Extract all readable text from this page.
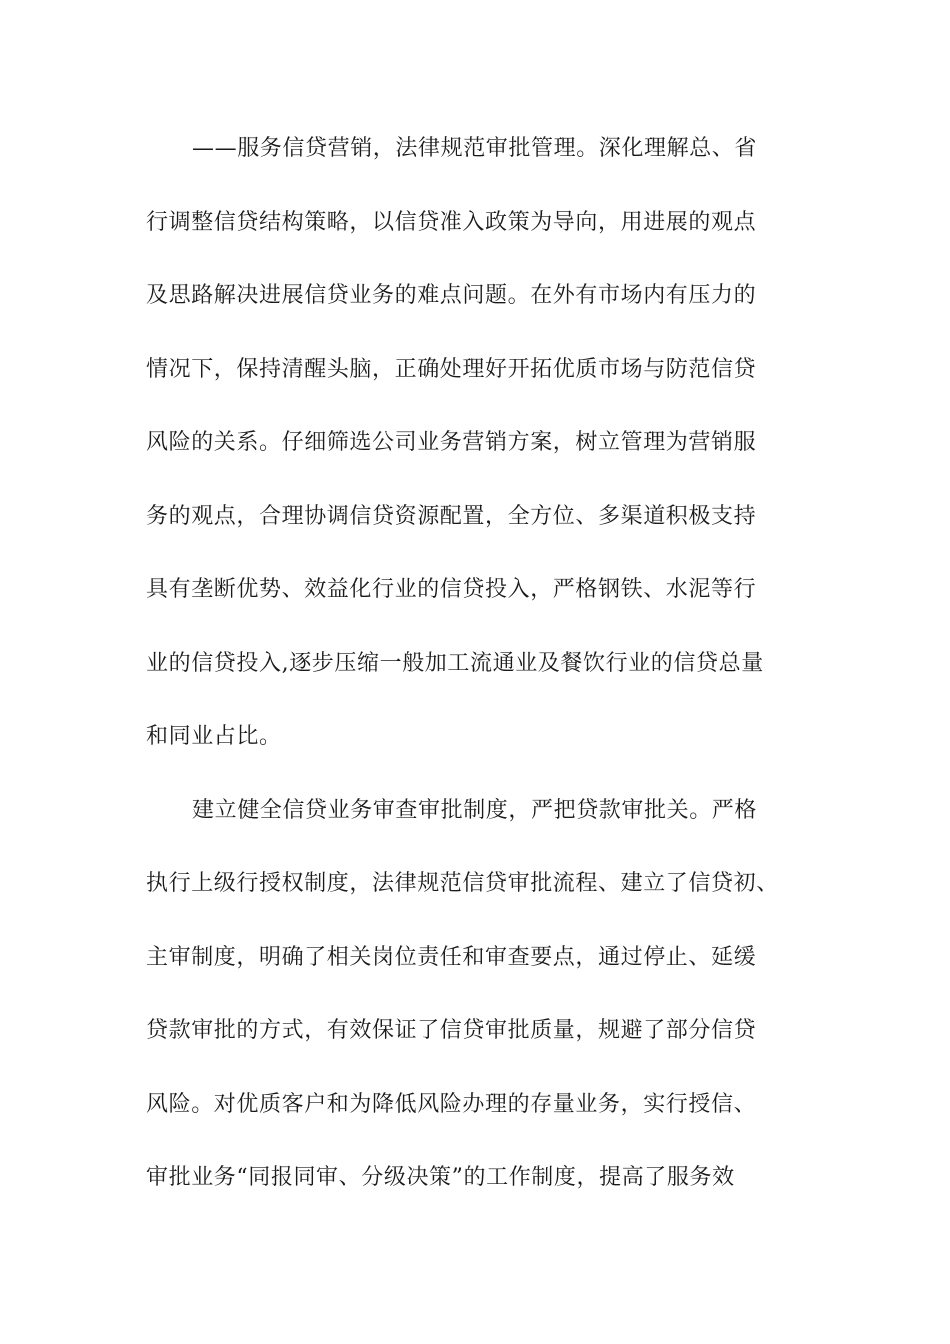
——服务信贷营销，法律规范审批管理。深化理解总、省
行调整信贷结构策略，以信贷准入政策为导向，用进展的观点
及思路解决进展信贷业务的难点问题。在外有市场内有压力的
情况下，保持清醒头脑，正确处理好开拓优质市场与防范信贷
风险的关系。仔细筛选公司业务营销方案，树立管理为营销服
务的观点，合理协调信贷资源配置，全方位、多渠道积极支持
具有垄断优势、效益化行业的信贷投入，严格钢铁、水泥等行
业的信贷投入,逐步压缩一般加工流通业及餐饮行业的信贷总量
和同业占比。
建立健全信贷业务审查审批制度，严把贷款审批关。严格
执行上级行授权制度，法律规范信贷审批流程、建立了信贷初、
主审制度，明确了相关岗位责任和审查要点，通过停止、延缓
贷款审批的方式，有效保证了信贷审批质量，规避了部分信贷
风险。对优质客户和为降低风险办理的存量业务，实行授信、
审批业务“同报同审、分级决策”的工作制度，提高了服务效
